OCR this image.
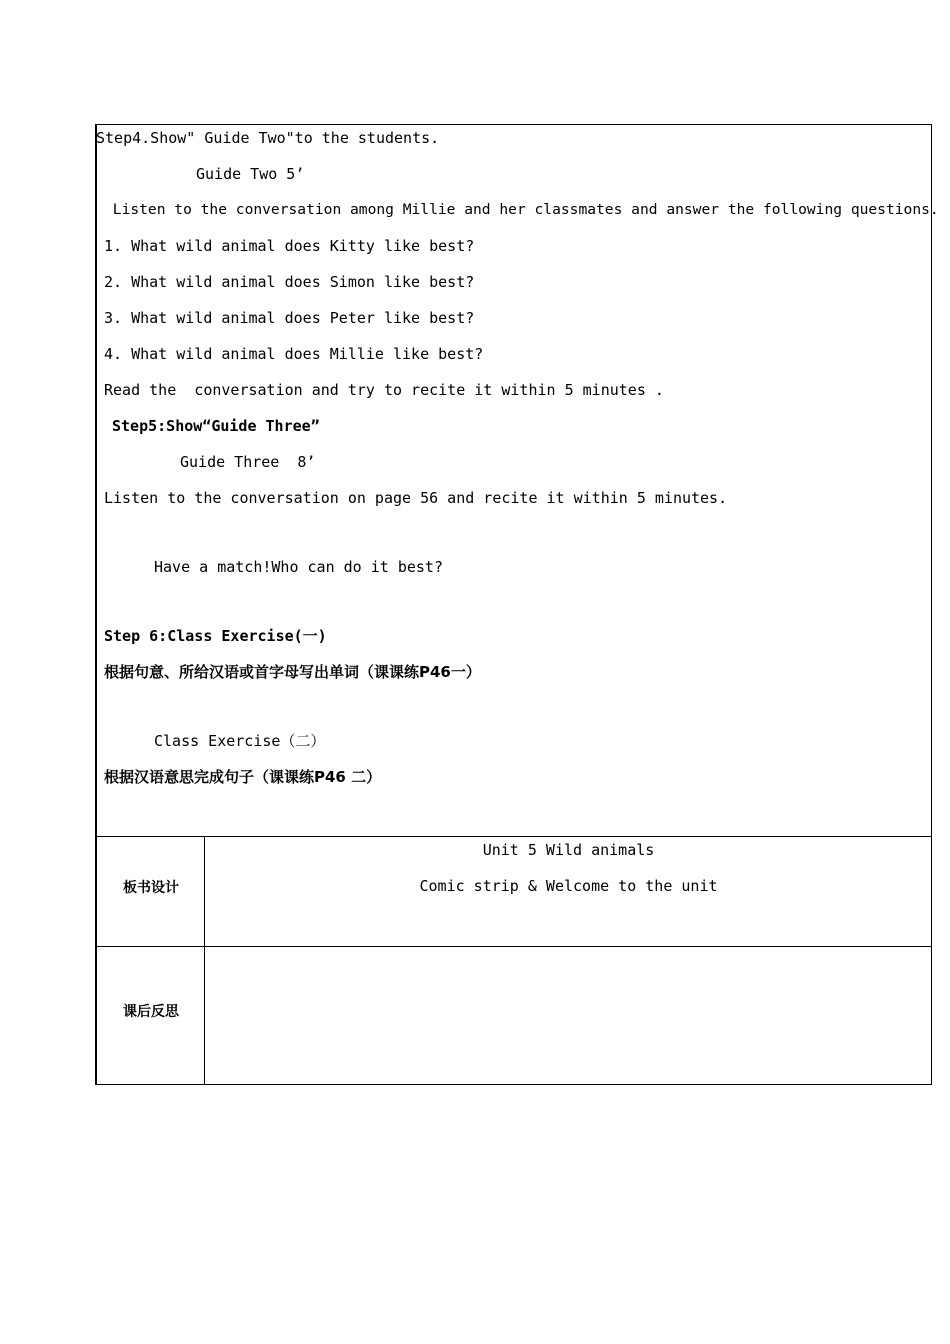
Step4.Show" Guide Two"to the students.
Guide Two 5’
Listen to the conversation among Millie and her classmates and answer the following questions.
1. What wild animal does Kitty like best?
2. What wild animal does Simon like best?
3. What wild animal does Peter like best?
4. What wild animal does Millie like best?
Read the  conversation and try to recite it within 5 minutes .
Step5:Show“Guide Three”
Guide Three  8’
Listen to the conversation on page 56 and recite it within 5 minutes.
Have a match!Who can do it best?
Step 6:Class Exercise(一)
根据句意、所给汉语或首字母写出单词（课课练P46一）
Class Exercise（二）
根据汉语意思完成句子（课课练P46 二）
板书设计
Unit 5 Wild animals
Comic strip & Welcome to the unit
课后反思
